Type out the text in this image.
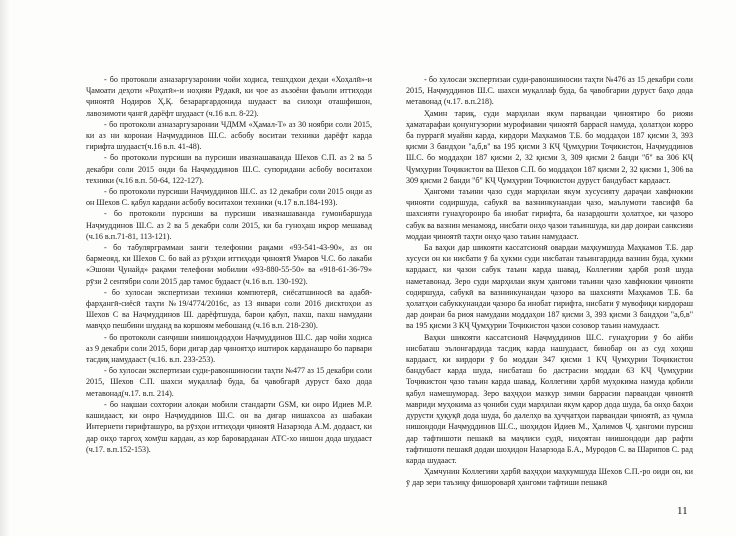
- бо протоколи азназаргузаронии чойи ходиса, тешхдхои деҳаи «Хоҳалӣ»-и Ҷамоати деҳоти «Роҳатӣ»-и ноҳияи Рӯдакӣ, ки ҷое аз аъзоёни фаъоли иттиҳоди ҷиноятӣ Нодиров Ҳ.Қ. безараргардонида шудааст ва силоҳи оташфишон, лавозимоти ҷангӣ дарёфт шудааст (ч.16 в.п. 8-22).

- бо протоколи азназаргузаронии ЧДММ «Ҳамал-Т» аз 30 ноябри соли 2015, ки аз ни коронаи Наҷмуддинов Ш.С. асбобу воситаи техники дарёфт карда гирифта шудааст(ч.16 в.п. 41-48).

- бо протоколи пурсиши ва пурсиши ивазнашаванда Шехов С.П. аз 2 ва 5 декабри соли 2015 онди ба Наҷмуддинов Ш.С. супоридани асбобу воситахои техники (ч.16 в.п. 50-64, 122-127).

- бо протоколи пурсиши Наҷмуддинов Ш.С. аз 12 декабри соли 2015 онди аз он Шехов С. қабул кардани асбобу воситахои техники (ч.17 в.п.184-193).

- бо протоколи пурсиши ва пурсиши ивазнашаванда гумонбаршуда Наҷмуддинов Ш.С. аз 2 ва 5 декабри соли 2015, ки ба гуноҳаш иқрор мешавад (ч.16 в.п.71-81, 113-121).

- бо табулярграммаи занги телефонии рақами «93-541-43-90», аз он бармеояд, ки Шехов С. бо вай аз рӯзҳои иттиҳоди ҷиноятӣ Умаров Ч.С. бо лакаби «Эшони Ҷунайд» рақами телефони мобилии «93-880-55-50» ва «918-61-36-79» рӯзи 2 сентябри соли 2015 дар тамос будааст (ч.16 в.п. 130-192).

- бо хулосаи экспертизаи техники компютерӣ, сиёсатшиносӣ ва адабӣ-фарҳангӣ-сиёсӣ таҳти №19/4774/2016с, аз 13 январи соли 2016 дисктоҳои аз Шехов С ва Наҷмуддинов Ш. дарёфтшуда, барои қабул, пахш, пахш намудани мавҷҳо пешбини шуданд ва коршоям мебошанд (ч.16 в.п. 218-230).

- бо протоколи санҷиши ниишондодҳои Наҷмуддинов Ш.С. дар чойи ходиса аз 9 декабри соли 2015, бори дигар дар ҷиноятҳо иштирок карданашро бо парвари тасдиқ намудааст (ч.16. в.п. 233-253).

- бо хулосаи экспертизаи суди-равоншиносии таҳти №477 аз 15 декабри соли 2015, Шехов С.П. шахси муқаллаф буда, ба ҷавобгарӣ дуруст бахо дода метавонад(ч.17. в.п. 214).

- бо нақшаи сохтории алоқаи мобили стандарти GSM, ки онро Идиев М.Р. кашидааст, ки онро Наҷмуддинов Ш.С. он ва дигар нишахсоа аз шабакаи Интернети гирифташуро, ва рӯзҳои иттиҳоди ҷиноятӣ Назарзода А.М. додааст, ки дар онҳо таргоҳ хомӯш кардан, аз кор бароварданан АТС-хо нишон дода шудааст (ч.17. в.п.152-153).

- бо хулосаи экспертизаи суди-равоншиносии таҳти №476 аз 15 декабри соли 2015, Наҷмуддинов Ш.С. шахси муқаллаф буда, ба ҷавобгарии дуруст баҳо дода метавонад (ч.17. в.п.218).

Ҳамин тариқ, суди марҳилаи якум парвандаи ҷиноятиро бо риояи ҳаматарафаи қонунгузории мурофиавии ҷиноятӣ баррасӣ намуда, ҳолатҳои корро ба пуррагӣ муайян карда, кирдори Маҳкамов Т.Б. бо моддаҳои 187 қисми 3, 393 қисми 3 бандҳои "а,б,в" ва 195 қисми 3 КҶ Ҷумҳурии Тоҷикистон, Наҷмуддинов Ш.С. бо моддаҳои 187 қисми 2, 32 қисми 3, 309 қисми 2 банди "б" ва 306 КҶ Ҷумҳурии Тоҷикистон ва Шехов С.П. бо моддаҳои 187 қисми 2, 32 қисми 1, 306 ва 309 қисми 2 банди "б" КҶ Ҷумҳурии Тоҷикистон дуруст бандубаст кардааст.

Ҳангоми таъини ҷазо суди марҳилаи якум хусусияту дараҷаи хавфнокии ҷинояти содиршуда, сабукӣ ва вазнинкунандаи ҷазо, маълумоти тавсифӣ ба шахсияти гунаҳгоронро ба инобат гирифта, ба назардошти ҳолатҳое, ки ҷазоро сабук ва вазнин менамояд, нисбати онҳо ҷазои таъиншуда, ки дар доираи санксияи моддаи ҷиноятӣ таҳти онҳо ҷазо таъин намудааст.

Ба ваҳки дар шикояти кассатсионӣ овардаи маҳкумшуда Маҳкамов Т.Б. дар хусуси он ки нисбати ӯ ба ҳукми суди нисбатан таъингардида вазнин буда, ҳукми кардааст, ки ҷазои сабук таъин карда шавад, Коллегияи ҳарбӣ розӣ шуда наметавонад. Зеро суди марҳилаи якум ҳангоми таъини ҷазо хавфнокии ҷинояти содиршуда, сабукӣ ва вазнинкунандаи ҷазоро ва шахсияти Маҳкамов Т.Б. ба ҳолатҳои сабуккунандаи ҷазоро ба инобат гирифта, нисбати ӯ мувофиқи кирдораш дар доираи ба риоя намудани моддаҳои 187 қисми 3, 393 қисми 3 бандҳои "а,б,в" ва 195 қисми 3 КҶ Ҷумҳурии Тоҷикистон ҷазои созовор таъин намудааст.

Ваҳки шикояти кассатсионӣ Наҷмуддинов Ш.С. гунаҳгории ӯ бо айби нисбаташ эълонгардида тасдиқ карда нашудааст, бинобар он аз суд хоҳиш кардааст, ки кирдори ӯ бо моддаи 347 қисми 1 КҶ Ҷумҳурии Тоҷикистон бандубаст карда шуда, нисбаташ бо дастрасии моддаи 63 КҶ Ҷумҳурии Тоҷикистон ҷазо таъин карда шавад, Коллегияи ҳарбӣ муҳокима намуда қобили қабул намешуморад. Зеро ваҳҷҳои мазкур зимни баррасии парвандаи ҷиноятӣ мавриди муҳокима аз ҷониби суди марҳилаи якум қарор дода шуда, ба онҳо баҳои дурусти ҳуқуқӣ дода шуда, бо далелҳо ва ҳуҷҷатҳои парвандаи ҷиноятӣ, аз ҷумла нишондоди Наҷмуддинов Ш.С., шоҳидон Идиев М., Ҳалимов Ҷ. ҳангоми пурсиш дар тафтишоти пешакӣ ва маҷлиси судӣ, ниҳоятан ниишондоди дар рафти тафтишоти пешакӣ додаи шоҳидон Назарзода Б.А., Муродов С. ва Шарипов С. рад карда шудааст.

Ҳамчунин Коллегияи ҳарбӣ ваҳҷҳои маҳкумшуда Шехов С.П.-ро оиди он, ки ӯ дар зери таъзиқу фишороварӣ ҳангоми тафтиши пешакӣ

11
